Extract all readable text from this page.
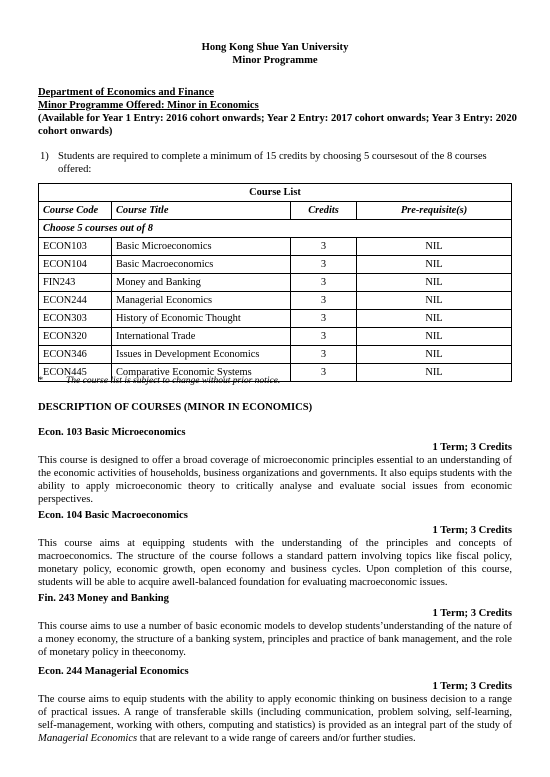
Hong Kong Shue Yan University
Minor Programme
Department of Economics and Finance
Minor Programme Offered: Minor in Economics
(Available for Year 1 Entry: 2016 cohort onwards; Year 2 Entry: 2017 cohort onwards; Year 3 Entry: 2020 cohort onwards)
1) Students are required to complete a minimum of 15 credits by choosing 5 coursesout of the 8 courses offered:
Course List			
Course Code	Course Title	Credits	Pre-requisite(s)
Choose 5 courses out of 8			
ECON103	Basic Microeconomics	3	NIL
ECON104	Basic Macroeconomics	3	NIL
FIN243	Money and Banking	3	NIL
ECON244	Managerial Economics	3	NIL
ECON303	History of Economic Thought	3	NIL
ECON320	International Trade	3	NIL
ECON346	Issues in Development Economics	3	NIL
ECON445	Comparative Economic Systems	3	NIL
* The course list is subject to change without prior notice.
DESCRIPTION OF COURSES (MINOR IN ECONOMICS)
Econ. 103 Basic Microeconomics
1 Term; 3 Credits
This course is designed to offer a broad coverage of microeconomic principles essential to an understanding of the economic activities of households, business organizations and governments. It also equips students with the ability to apply microeconomic theory to critically analyse and evaluate social issues from economic perspectives.
Econ. 104 Basic Macroeconomics
1 Term; 3 Credits
This course aims at equipping students with the understanding of the principles and concepts of macroeconomics. The structure of the course follows a standard pattern involving topics like fiscal policy, monetary policy, economic growth, open economy and business cycles. Upon completion of this course, students will be able to acquire awell-balanced foundation for evaluating macroeconomic issues.
Fin. 243 Money and Banking
1 Term; 3 Credits
This course aims to use a number of basic economic models to develop students’understanding of the nature of a money economy, the structure of a banking system, principles and practice of bank management, and the role of monetary policy in theeconomy.
Econ. 244 Managerial Economics
1 Term; 3 Credits
The course aims to equip students with the ability to apply economic thinking on business decision to a range of practical issues. A range of transferable skills (including communication, problem solving, self-learning, self-management, working with others, computing and statistics) is provided as an integral part of the study of Managerial Economics that are relevant to a wide range of careers and/or further studies.
